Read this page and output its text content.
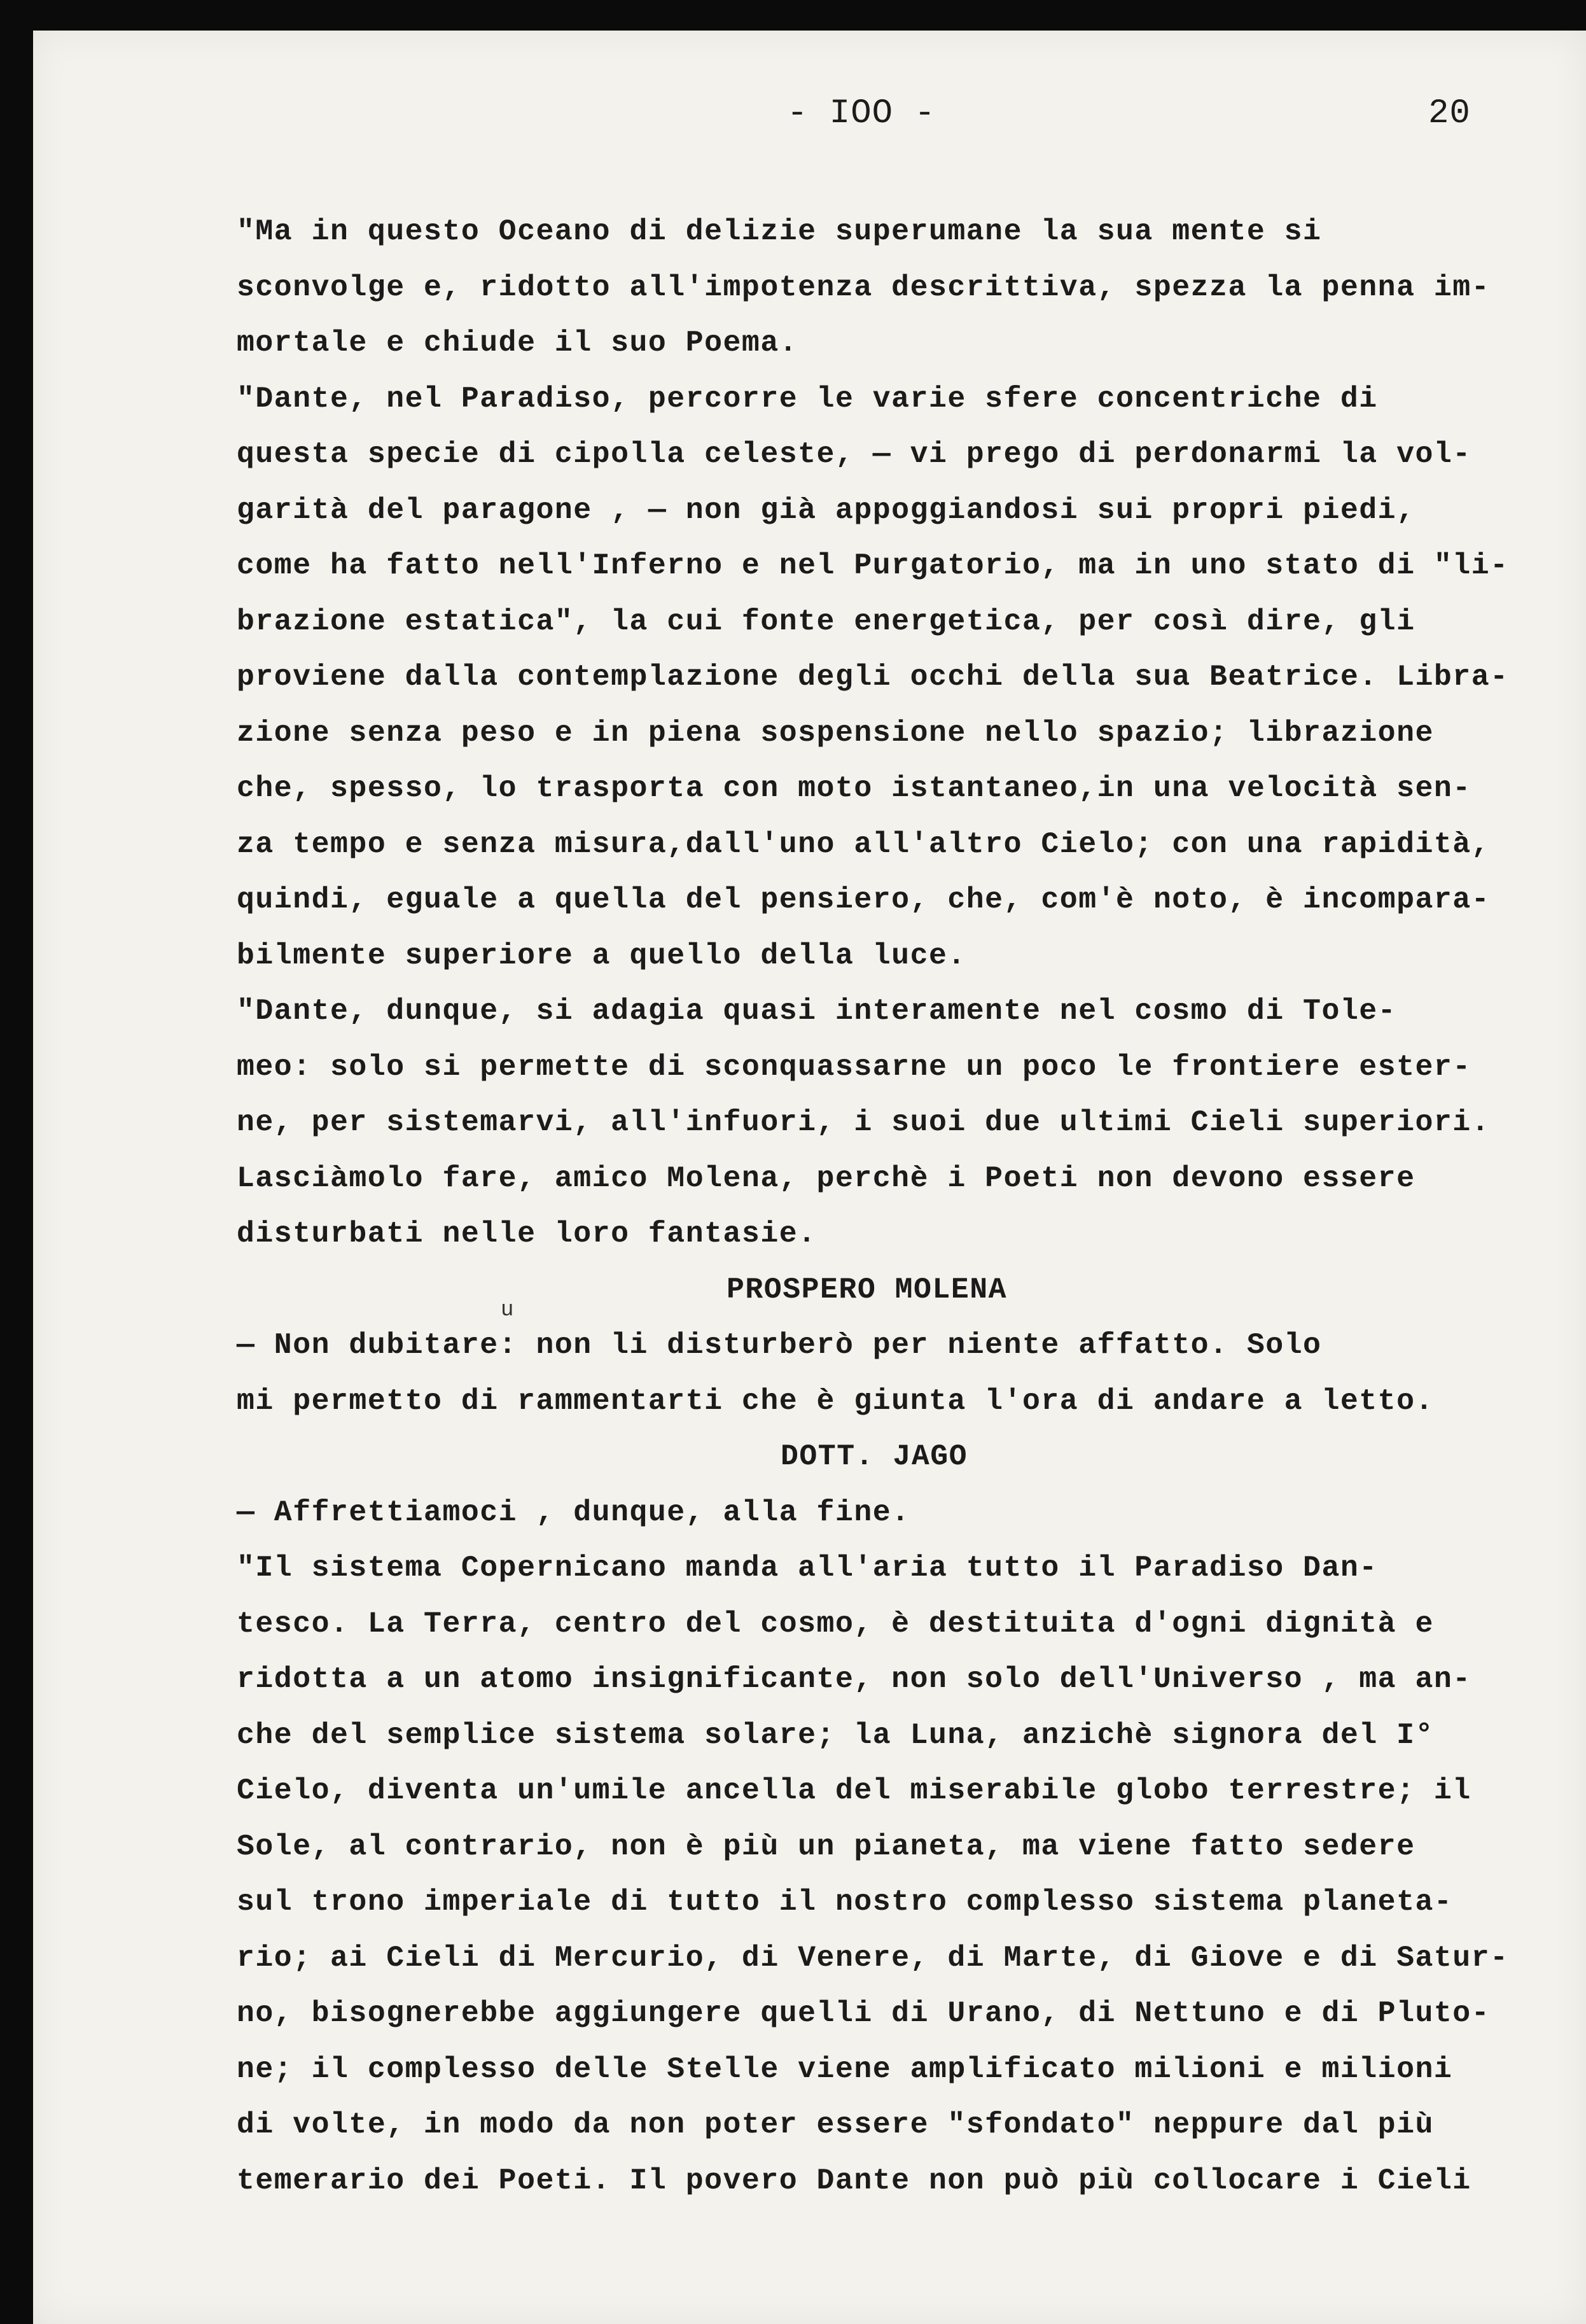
- IOO -	20
"Ma in questo Oceano di delizie superumane la sua mente si
sconvolge e, ridotto all'impotenza descrittiva, spezza la penna im-
mortale e chiude il suo Poema.
"Dante, nel Paradiso, percorre le varie sfere concentriche di
questa specie di cipolla celeste, — vi prego di perdonarmi la vol-
garità del paragone , — non già appoggiandosi sui propri piedi,
come ha fatto nell'Inferno e nel Purgatorio, ma in uno stato di "li-
brazione estatica", la cui fonte energetica, per così dire, gli
proviene dalla contemplazione degli occhi della sua Beatrice. Libra-
zione senza peso e in piena sospensione nello spazio; librazione
che, spesso, lo trasporta con moto istantaneo,in una velocità sen-
za tempo e senza misura,dall'uno all'altro Cielo; con una rapidità,
quindi, eguale a quella del pensiero, che, com'è noto, è incompara-
bilmente superiore a quello della luce.
"Dante, dunque, si adagia quasi interamente nel cosmo di Tole-
meo: solo si permette di sconquassarne un poco le frontiere ester-
ne, per sistemarvi, all'infuori, i suoi due ultimi Cieli superiori.
Lasciàmolo fare, amico Molena, perchè i Poeti non devono essere
disturbati nelle loro fantasie.
PROSPERO MOLENA
— Non dubitare: non li disturberò per niente affatto. Solo
mi permetto di rammentarti che è giunta l'ora di andare a letto.
DOTT. JAGO
— Affrettiamoci , dunque, alla fine.
"Il sistema Copernicano manda all'aria tutto il Paradiso Dan-
tesco. La Terra, centro del cosmo, è destituita d'ogni dignità e
ridotta a un atomo insignificante, non solo dell'Universo , ma an-
che del semplice sistema solare; la Luna, anzichè signora del I°
Cielo, diventa un'umile ancella del miserabile globo terrestre; il
Sole, al contrario, non è più un pianeta, ma viene fatto sedere
sul trono imperiale di tutto il nostro complesso sistema planeta-
rio; ai Cieli di Mercurio, di Venere, di Marte, di Giove e di Satur-
no, bisognerebbe aggiungere quelli di Urano, di Nettuno e di Pluto-
ne; il complesso delle Stelle viene amplificato milioni e milioni
di volte, in modo da non poter essere "sfondato" neppure dal più
temerario dei Poeti. Il povero Dante non può più collocare i Cieli
u
